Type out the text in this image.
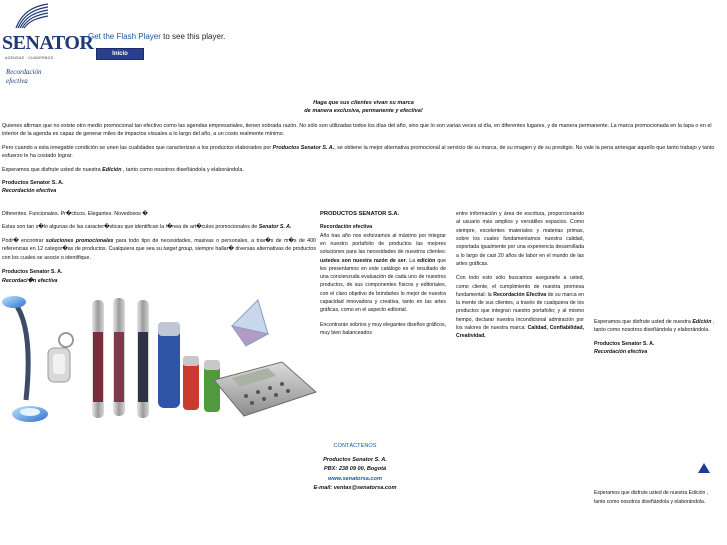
SENATOR
AGENDAS · CUADERNOS
Recordación efectiva
Get the Flash Player to see this player.
Inicio
Haga que sus clientes vivan su marca
de manera exclusiva, permanente y efectiva!

Quienes afirman que no existe otro medio promocional tan efectivo como las agendas empresariales, tienen sobrada razón. No sólo son utilizadas todos los días del año, sino que lo son varias veces al día, en diferentes lugares, y de manera permanente. La marca promocionada en la tapa o en el interior de la agenda es capaz de generar miles de impactos visuales a lo largo del año, a un costo realmente mínimo.

Pero cuando a esta innegable condición se unen las cualidades que caracterizan a los productos elaborados por Productos Senator S. A., se obtiene la mejor alternativa promocional al servicio de su marca, de su imagen y de su prestigio. No vale la pena arriesgar aquello que tanto trabajo y tanto esfuerzo le ha costado lograr.

Esperamos que disfrute usted de nuestra Edición , tanto como nosotros diseñándola y elaborándola.

Productos Senator S. A.

Recordación efectiva

Diferentes. Funcionales. Pr�cticos. Elegantes. Novedosos �

Estas son tan s�lo algunas de las caracter�sticas que identifican la l�nea de art�culos promocionales de Senator S. A.

Podr� encontrar soluciones promocionales para todo tipo de necesidades, masivas o personales, a trav�s de m�s de 400 referencias en 12 categor�as de productos. Cualquiera que sea su target group, siempre hallar� diversas alternativas de productos con los cuales se asocie o identifique.

Productos Senator S. A.

Recordaci�n efectiva

PRODUCTOS SENATOR S.A.

Recordación efectiva

Año tras año nos esforzamos al máximo por integrar en nuestro portafolio de productos las mejores soluciones para las necesidades de nuestros clientes: ustedes son nuestra razón de ser. La edición que les presentamos en este catálogo es el resultado de una concienzuda evaluación de cada uno de nuestros productos, de sus componentes físicos y editoriales, con el claro objetivo de brindarles lo mejor de nuestra capacidad innovadora y creativa, tanto en las artes gráficas, como en el aspecto editorial.

Encontrarán sobrios y muy elegantes diseños gráficos, muy bien balanceados

entre información y área de escritura, proporcionando al usuario más amplios y versátiles espacios. Como siempre, excelentes materiales y materias primas, sobre los cuales fundamentamos nuestra calidad, soportada igualmente por una experiencia desarrollada a lo largo de casi 20 años de labor en el mundo de las artes gráficas.

Con todo esto sólo buscamos asegurarle a usted, como cliente, el cumplimiento de nuestra promesa fundamental: la Recordación Efectiva de su marca en la mente de sus clientes, a través de cualquiera de los productos que integran nuestro portafolio; y al mismo tiempo, declarar nuestra incondicional admiración por los valores de nuestra marca: Calidad, Confiabilidad, Creatividad.

Esperamos que disfrute usted de nuestra Edición , tanto como nosotros diseñándola y elaborándola.

Productos Senator S. A.

Recordación efectiva

Esperamos que disfrute usted de nuestra Edición ,

tanto como nosotros diseñándola y elaborándola.

CONTÁCTENOS

Productos Senator S. A.

PBX: 238 09 00, Bogotá

www.senatorsa.com

E-mail: ventas@senatorsa.com
